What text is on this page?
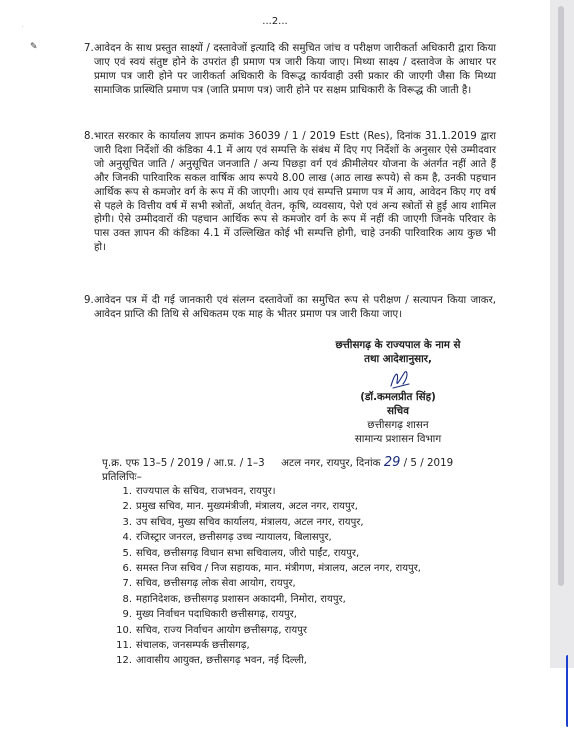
·
✎
...2...

7. आवेदन के साथ प्रस्तुत साक्ष्यों / दस्तावेजों इत्यादि की समुचित जांच व परीक्षण जारीकर्ता अधिकारी द्वारा किया जाए एवं स्वयं संतुष्ट होने के उपरांत ही प्रमाण पत्र जारी किया जाए। मिथ्या साक्ष्य / दस्तावेज के आधार पर प्रमाण पत्र जारी होने पर जारीकर्ता अधिकारी के विरूद्ध कार्यवाही उसी प्रकार की जाएगी जैसा कि मिथ्या सामाजिक प्रास्थिति प्रमाण पत्र (जाति प्रमाण पत्र) जारी होने पर सक्षम प्राधिकारी के विरूद्ध की जाती है।

8. भारत सरकार के कार्यालय ज्ञापन क्रमांक 36039 / 1 / 2019 Estt (Res), दिनांक 31.1.2019 द्वारा जारी दिशा निर्देशों की कंडिका 4.1 में आय एवं सम्पत्ति के संबंध में दिए गए निर्देशों के अनुसार ऐसे उम्मीदवार जो अनुसूचित जाति / अनुसूचित जनजाति / अन्य पिछड़ा वर्ग एवं क्रीमीलेयर योजना के अंतर्गत नहीं आते हैं और जिनकी पारिवारिक सकल वार्षिक आय रूपये 8.00 लाख (आठ लाख रूपये) से कम है, उनकी पहचान आर्थिक रूप से कमजोर वर्ग के रूप में की जाएगी। आय एवं सम्पत्ति प्रमाण पत्र में आय, आवेदन किए गए वर्ष से पहले के वित्तीय वर्ष में सभी स्त्रोतों, अर्थात् वेतन, कृषि, व्यवसाय, पेशे एवं अन्य स्त्रोतों से हुई आय शामिल होगी। ऐसे उम्मीदवारों की पहचान आर्थिक रूप से कमजोर वर्ग के रूप में नहीं की जाएगी जिनके परिवार के पास उक्त ज्ञापन की कंडिका 4.1 में उल्लिखित कोई भी सम्पत्ति होगी, चाहे उनकी पारिवारिक आय कुछ भी हो।

9. आवेदन पत्र में दी गई जानकारी एवं संलग्न दस्तावेजों का समुचित रूप से परीक्षण / सत्यापन किया जाकर, आवेदन प्राप्ति की तिथि से अधिकतम एक माह के भीतर प्रमाण पत्र जारी किया जाए।

छत्तीसगढ़ के राज्यपाल के नाम से
तथा आदेशानुसार,
(डॉ.कमलप्रीत सिंह)
सचिव
छत्तीसगढ़ शासन
सामान्य प्रशासन विभाग
पृ.क्र. एफ 13–5 / 2019 / आ.प्र. / 1–3 अटल नगर, रायपुर, दिनांक 29 / 5 / 2019
प्रतिलिपिः–
1. राज्यपाल के सचिव, राजभवन, रायपुर।
2. प्रमुख सचिव, मान. मुख्यमंत्रीजी, मंत्रालय, अटल नगर, रायपुर,
3. उप सचिव, मुख्य सचिव कार्यालय, मंत्रालय, अटल नगर, रायपुर,
4. रजिस्ट्रार जनरल, छत्तीसगढ़ उच्च न्यायालय, बिलासपुर,
5. सचिव, छत्तीसगढ़ विधान सभा सचिवालय, जीरो पाईंट, रायपुर,
6. समस्त निज सचिव / निज सहायक, मान. मंत्रीगण, मंत्रालय, अटल नगर, रायपुर,
7. सचिव, छत्तीसगढ़ लोक सेवा आयोग, रायपुर,
8. महानिदेशक, छत्तीसगढ़ प्रशासन अकादमी, निमोरा, रायपुर,
9. मुख्य निर्वाचन पदाधिकारी छत्तीसगढ़, रायपुर,
10. सचिव, राज्य निर्वाचन आयोग छत्तीसगढ़, रायपुर
11. संचालक, जनसम्पर्क छत्तीसगढ़,
12. आवासीय आयुक्त, छत्तीसगढ़ भवन, नई दिल्ली,
